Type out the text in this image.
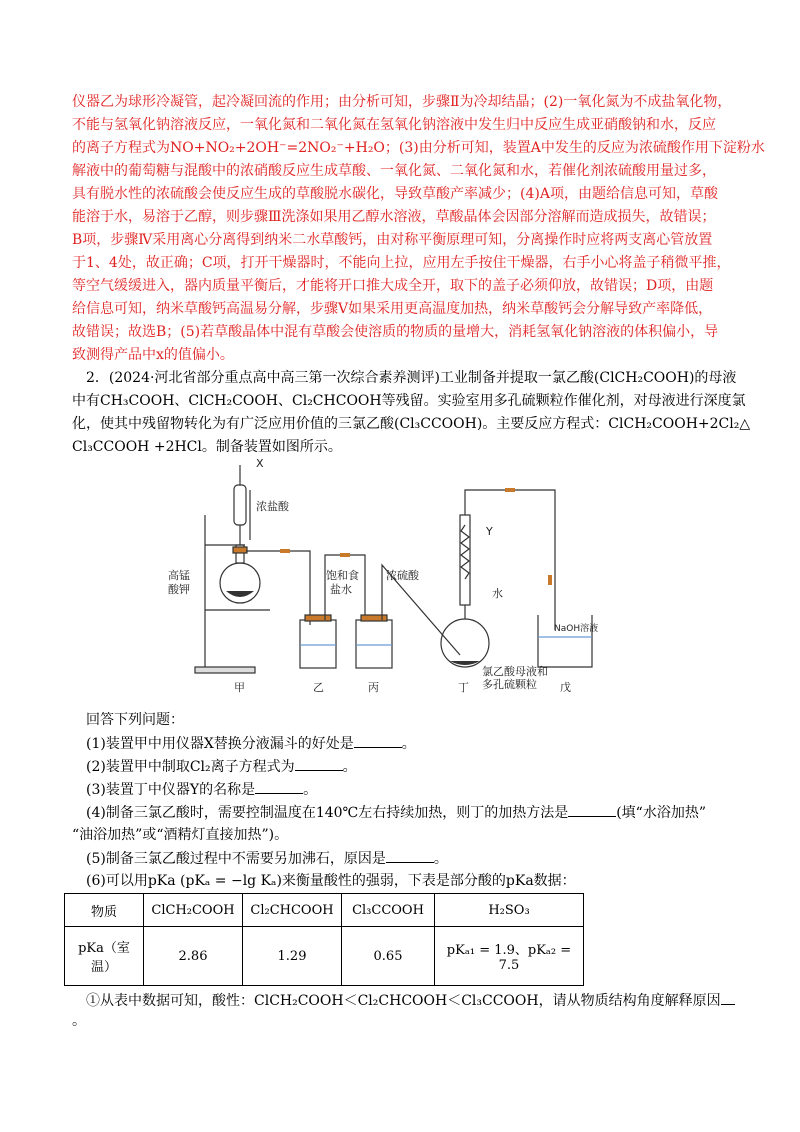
仪器乙为球形冷凝管，起冷凝回流的作用；由分析可知，步骤Ⅱ为冷却结晶；(2)一氧化氮为不成盐氧化物，
不能与氢氧化钠溶液反应，一氧化氮和二氧化氮在氢氧化钠溶液中发生归中反应生成亚硝酸钠和水，反应
的离子方程式为NO+NO₂+2OH⁻=2NO₂⁻+H₂O；(3)由分析可知，装置A中发生的反应为浓硫酸作用下淀粉水
解液中的葡萄糖与混酸中的浓硝酸反应生成草酸、一氧化氮、二氧化氮和水，若催化剂浓硫酸用量过多，
具有脱水性的浓硫酸会使反应生成的草酸脱水碳化，导致草酸产率减少；(4)A项，由题给信息可知，草酸
能溶于水，易溶于乙醇，则步骤Ⅲ洗涤如果用乙醇水溶液，草酸晶体会因部分溶解而造成损失，故错误；
B项，步骤Ⅳ采用离心分离得到纳米二水草酸钙，由对称平衡原理可知，分离操作时应将两支离心管放置
于1、4处，故正确；C项，打开干燥器时，不能向上拉，应用左手按住干燥器，右手小心将盖子稍微平推，
等空气缓缓进入，器内质量平衡后，才能将开口推大成全开，取下的盖子必须仰放，故错误；D项，由题
给信息可知，纳米草酸钙高温易分解，步骤Ⅴ如果采用更高温度加热，纳米草酸钙会分解导致产率降低，
故错误；故选B；(5)若草酸晶体中混有草酸会使溶质的物质的量增大，消耗氢氧化钠溶液的体积偏小，导
致测得产品中x的值偏小。
2．(2024·河北省部分重点高中高三第一次综合素养测评)工业制备并提取一氯乙酸(ClCH₂COOH)的母液
中有CH₃COOH、ClCH₂COOH、Cl₂CHCOOH等残留。实验室用多孔硫颗粒作催化剂，对母液进行深度氯
化，使其中残留物转化为有广泛应用价值的三氯乙酸(Cl₃CCOOH)。主要反应方程式：ClCH₂COOH+2Cl₂△
Cl₃CCOOH +2HCl。制备装置如图所示。
X
浓盐酸
高锰
酸钾
饱和食
盐水
浓硫酸
Y
水
NaOH溶液
氯乙酸母液和
多孔硫颗粒
甲	乙	丙	丁	戊
回答下列问题：
(1)装置甲中用仪器X替换分液漏斗的好处是	。
(2)装置甲中制取Cl₂离子方程式为	。
(3)装置丁中仪器Y的名称是	。
(4)制备三氯乙酸时，需要控制温度在140℃左右持续加热，则丁的加热方法是	(填“水浴加热”
“油浴加热”或“酒精灯直接加热”)。
(5)制备三氯乙酸过程中不需要另加沸石，原因是	。
(6)可以用pKa (pKₐ = −lg Kₐ)来衡量酸性的强弱，下表是部分酸的pKa数据：
物质	ClCH₂COOH	Cl₂CHCOOH	Cl₃CCOOH	H₂SO₃

pKa（室
温）	2.86	1.29	0.65	pKₐ₁ = 1.9、pKₐ₂ = 7.5
①从表中数据可知，酸性：ClCH₂COOH＜Cl₂CHCOOH＜Cl₃CCOOH，请从物质结构角度解释原因
。
